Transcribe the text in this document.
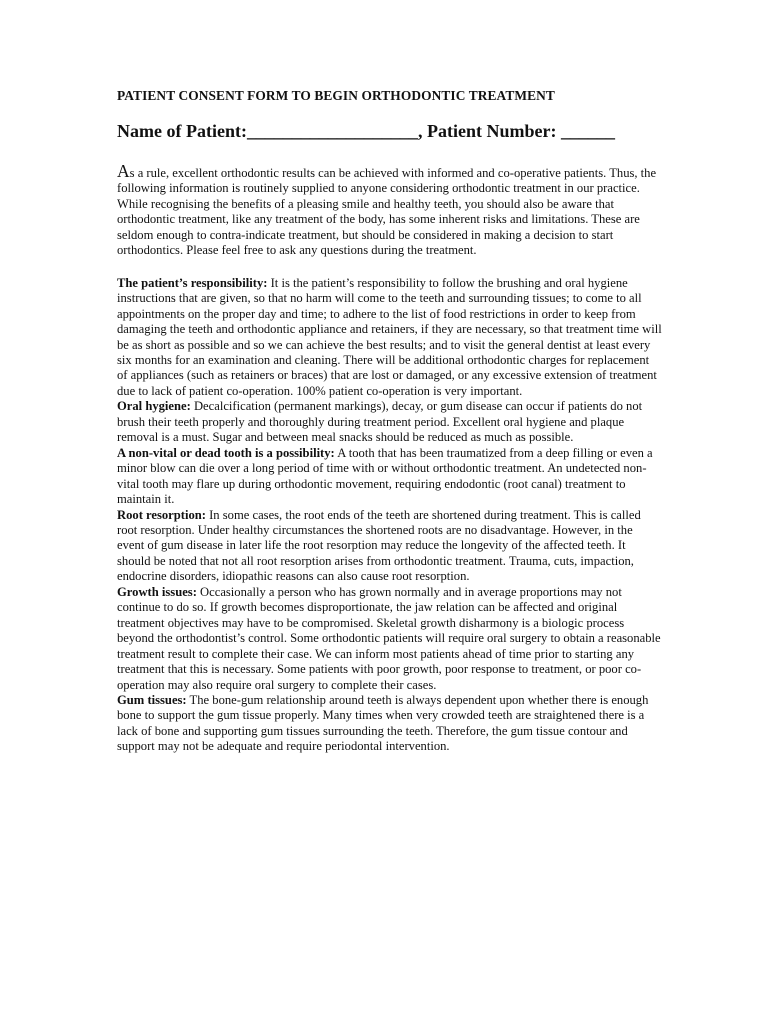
PATIENT CONSENT FORM TO BEGIN ORTHODONTIC TREATMENT
Name of Patient:___________________, Patient Number: ______

As a rule, excellent orthodontic results can be achieved with informed and co-operative patients. Thus, the following information is routinely supplied to anyone considering orthodontic treatment in our practice. While recognising the benefits of a pleasing smile and healthy teeth, you should also be aware that orthodontic treatment, like any treatment of the body, has some inherent risks and limitations. These are seldom enough to contra-indicate treatment, but should be considered in making a decision to start orthodontics. Please feel free to ask any questions during the treatment.

The patient’s responsibility: It is the patient’s responsibility to follow the brushing and oral hygiene instructions that are given, so that no harm will come to the teeth and surrounding tissues; to come to all appointments on the proper day and time; to adhere to the list of food restrictions in order to keep from damaging the teeth and orthodontic appliance and retainers, if they are necessary, so that treatment time will be as short as possible and so we can achieve the best results; and to visit the general dentist at least every six months for an examination and cleaning. There will be additional orthodontic charges for replacement of appliances (such as retainers or braces) that are lost or damaged, or any excessive extension of treatment due to lack of patient co-operation. 100% patient co-operation is very important.

Oral hygiene: Decalcification (permanent markings), decay, or gum disease can occur if patients do not brush their teeth properly and thoroughly during treatment period. Excellent oral hygiene and plaque removal is a must. Sugar and between meal snacks should be reduced as much as possible.

A non-vital or dead tooth is a possibility: A tooth that has been traumatized from a deep filling or even a minor blow can die over a long period of time with or without orthodontic treatment. An undetected non-vital tooth may flare up during orthodontic movement, requiring endodontic (root canal) treatment to maintain it.

Root resorption: In some cases, the root ends of the teeth are shortened during treatment. This is called root resorption. Under healthy circumstances the shortened roots are no disadvantage. However, in the event of gum disease in later life the root resorption may reduce the longevity of the affected teeth. It should be noted that not all root resorption arises from orthodontic treatment. Trauma, cuts, impaction, endocrine disorders, idiopathic reasons can also cause root resorption.

Growth issues: Occasionally a person who has grown normally and in average proportions may not continue to do so. If growth becomes disproportionate, the jaw relation can be affected and original treatment objectives may have to be compromised. Skeletal growth disharmony is a biologic process beyond the orthodontist’s control. Some orthodontic patients will require oral surgery to obtain a reasonable treatment result to complete their case. We can inform most patients ahead of time prior to starting any treatment that this is necessary. Some patients with poor growth, poor response to treatment, or poor co-operation may also require oral surgery to complete their cases.

Gum tissues: The bone-gum relationship around teeth is always dependent upon whether there is enough bone to support the gum tissue properly. Many times when very crowded teeth are straightened there is a lack of bone and supporting gum tissues surrounding the teeth. Therefore, the gum tissue contour and support may not be adequate and require periodontal intervention.
